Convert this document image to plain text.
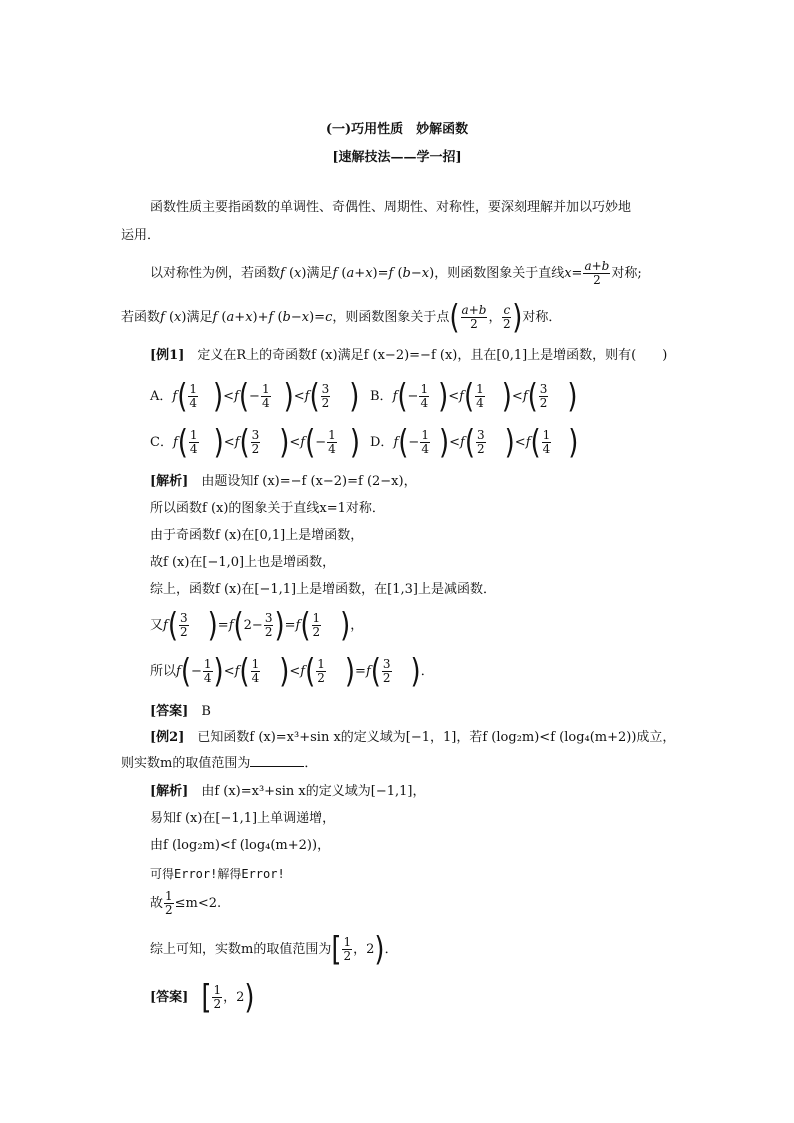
(一)巧用性质　妙解函数
[速解技法——学一招]
函数性质主要指函数的单调性、奇偶性、周期性、对称性，要深刻理解并加以巧妙地
运用．
以对称性为例，若函数f (x)满足f (a+x)=f (b−x)，则函数图象关于直线$x= \frac{a+b}{2}$ 对称;
若函数f (x)满足f (a+x)+f (b−x)=c，则函数图象关于点( $\frac{a+b}{2}$ ， $\frac{c}{2}$ )对称．
[例1]　 定义在R上的奇函数f (x)满足f (x−2)=−f (x)，且在[0,1]上是增函数，则有(　　)
A．$f( \frac{1}{4} )<f(- \frac{1}{4} )<f( \frac{3}{2}$ ) B．$f(- \frac{1}{4} )<f( \frac{1}{4} )<f( \frac{3}{2}$ )
C．$f( \frac{1}{4} )<f( \frac{3}{2} )<f(- \frac{1}{4}$ ) D．$f(- \frac{1}{4} )<f( \frac{3}{2} )<f( \frac{1}{4}$ )
[解析]　 由题设知f (x)=−f (x−2)=f (2−x)，
所以函数f (x)的图象关于直线x=1对称．
由于奇函数f (x)在[0,1]上是增函数，
故f (x)在[−1,0]上也是增函数，
综上，函数f (x)在[−1,1]上是增函数，在[1,3]上是减函数．
又$f( \frac{3}{2} )=f(2- \frac{3}{2} )=f( \frac{1}{2}$ )，
所以$f(- \frac{1}{4} )<f( \frac{1}{4} )<f( \frac{1}{2} )=f( \frac{3}{2}$ )．
[答案]　 B
[例2]　 已知函数f (x)=x³+sin x的定义域为[−1，1]，若f (log₂m)<f (log₄(m+2))成立，
则实数m的取值范围为	．
[解析]　 由f (x)=x³+sin x的定义域为[−1,1]，
易知f (x)在[−1,1]上单调递增，
由f (log₂m)<f (log₄(m+2))，
可得Error!解得Error!
故 $\frac{1}{2} \le m<2$.
综上可知，实数m的取值范围为[ $\frac{1}{2}$ ，2)．
[答案]　 [ $\frac{1}{2}$ ，2)
